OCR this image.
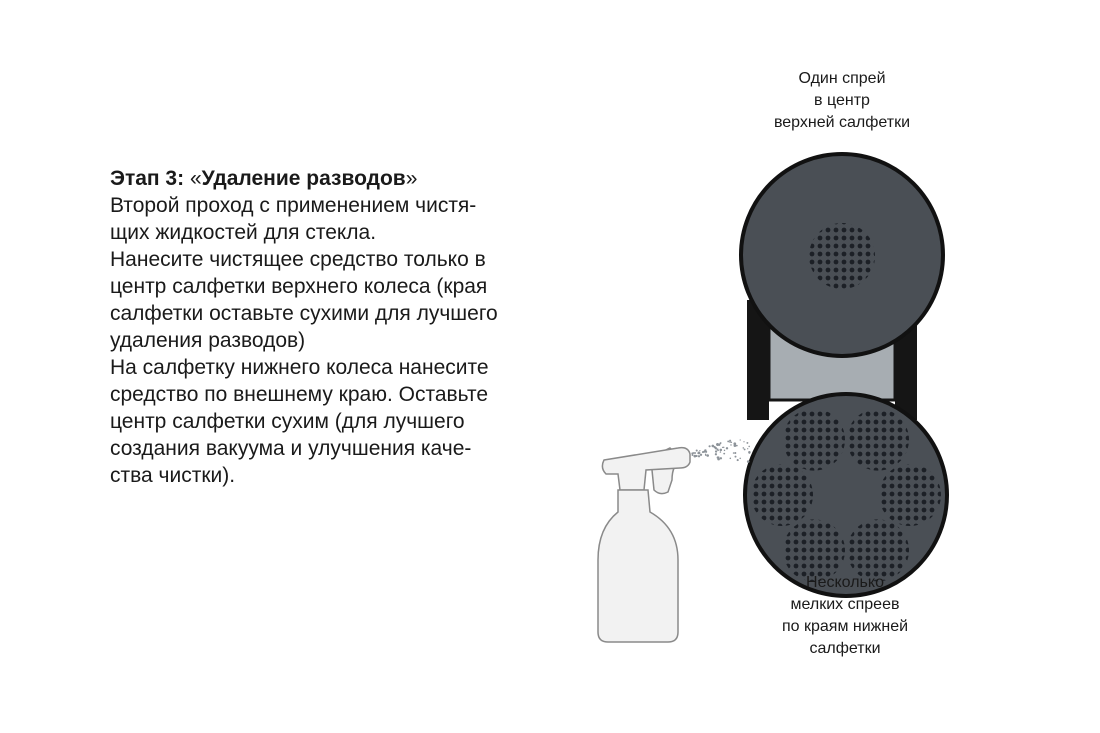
Этап 3: «Удаление разводов»
Второй проход с применением чистя-
щих жидкостей для стекла.
Нанесите чистящее средство только в
центр салфетки верхнего колеса (края
салфетки оставьте сухими для лучшего
удаления разводов)
На салфетку нижнего колеса нанесите
средство по внешнему краю. Оставьте
центр салфетки сухим (для лучшего
создания вакуума и улучшения каче-
ства чистки).
Один спрей
в центр
верхней салфетки
Несколько
мелких спреев
по краям нижней
салфетки
